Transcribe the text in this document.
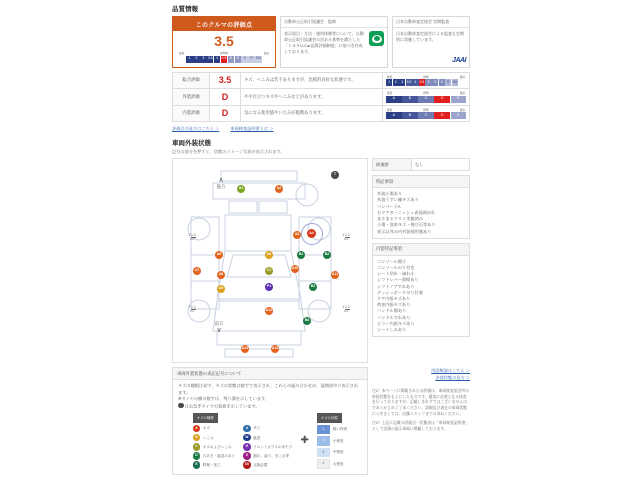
品質情報
このクルマの評価点
3.5
最低	標準値	最高
1	2	3	3.5	4	4.5	5	S	6	R RA
自動車公正取引協議会　監修

表示項目・方法・運用体制等について、自動車公正取引協議会の定める基準を満たした「トヨタU-Car品質評価制度」に基づき作成しております。

日本自動車査定協会 定期監査

日本自動車査定協会による監査も定期的に実施しています。

JAAI
総合評価	3.5	キズ、へこみは若干ありますが、比較的良好な状態です。	
最低	標準	最高
1	2	3	3.5	4	4.5	5	S	6	R	RA

外装評価	D	やや目立つキズやへこみなどがあります。	
最低	標準	最高
A	B	C	D	E

内装評価	D	気になる使用感やいたみが複数あります。	
最低	標準	最高
A	B	C	D	E
評価点の見方はこちら ＞	車両検査証明書とは ＞
車両外装状態
記号の部分を押すと、状態のイメージ写真が表示されます。
∧
後方
前方
∨
1 1.2
mm
1 1.2
mm
1 1.2
mm
1 1.2
mm
A1	A2
T
A3	A4
A5	A6	B1	B2
A7
A8
A9
C1	A10
A11
B3
P1
A12
B4
A13	A14
修復歴	なし
特記事項
外装小傷あり
外装うすい線キズあり
バンパー下A
右ドアガーニッシュ表面剥がれ
まるまるクリン実施済み
小傷・洗車キズ・飛び石等あり
表示以外の内外装使用感あり
内装特記事項
コンソール擦小
コンソールのり付き
シート切れ・破れ小
シフトレバー部擦あり
シフトノブすれあり
ダッシュボードのり付着
ドア内張キズあり
荷室内張キズあり
ハンドル擦あり
ハンドルすれあり
ピラー内張キズあり
シートしみあり
車両外装状態の表記記号について
キズの種類は英字、キズの状態は数字で表示され、これらの組み合わせが、展開図中に表示されます。
※タイヤの横の数字は、残り溝を示しています。
はお急ぎタイヤの装着を示しています。
キズの種類
A	キズ
B	へこみ
C	キズおよびへこみ
D	穴あき・腐食のあと
E	修理・加工
U	サビ
W	腐食
G	フロントガラスのあたり
X	割れ、曲り、및これ等
XX	交換必要
✚
キズの状態
1	軽い程度
2	小程度
3	中程度
4	大程度
用語解説はこちら ＞
各部状態の見方 ＞

注1）本ページに掲載されたお評価は、車両検査協会所の車両状態をもとにしたものです。精査に必要となる検査を行っておりますが、記載しきれずではございませんのであらかじめご了承ください。詳細及び現在の車両状態につきましては、店舗スタッフまでお尋ねください。

注2）上記に記載の評価点・状態表は「車両検査証明書」として店頭の展示車両に掲載しております。
